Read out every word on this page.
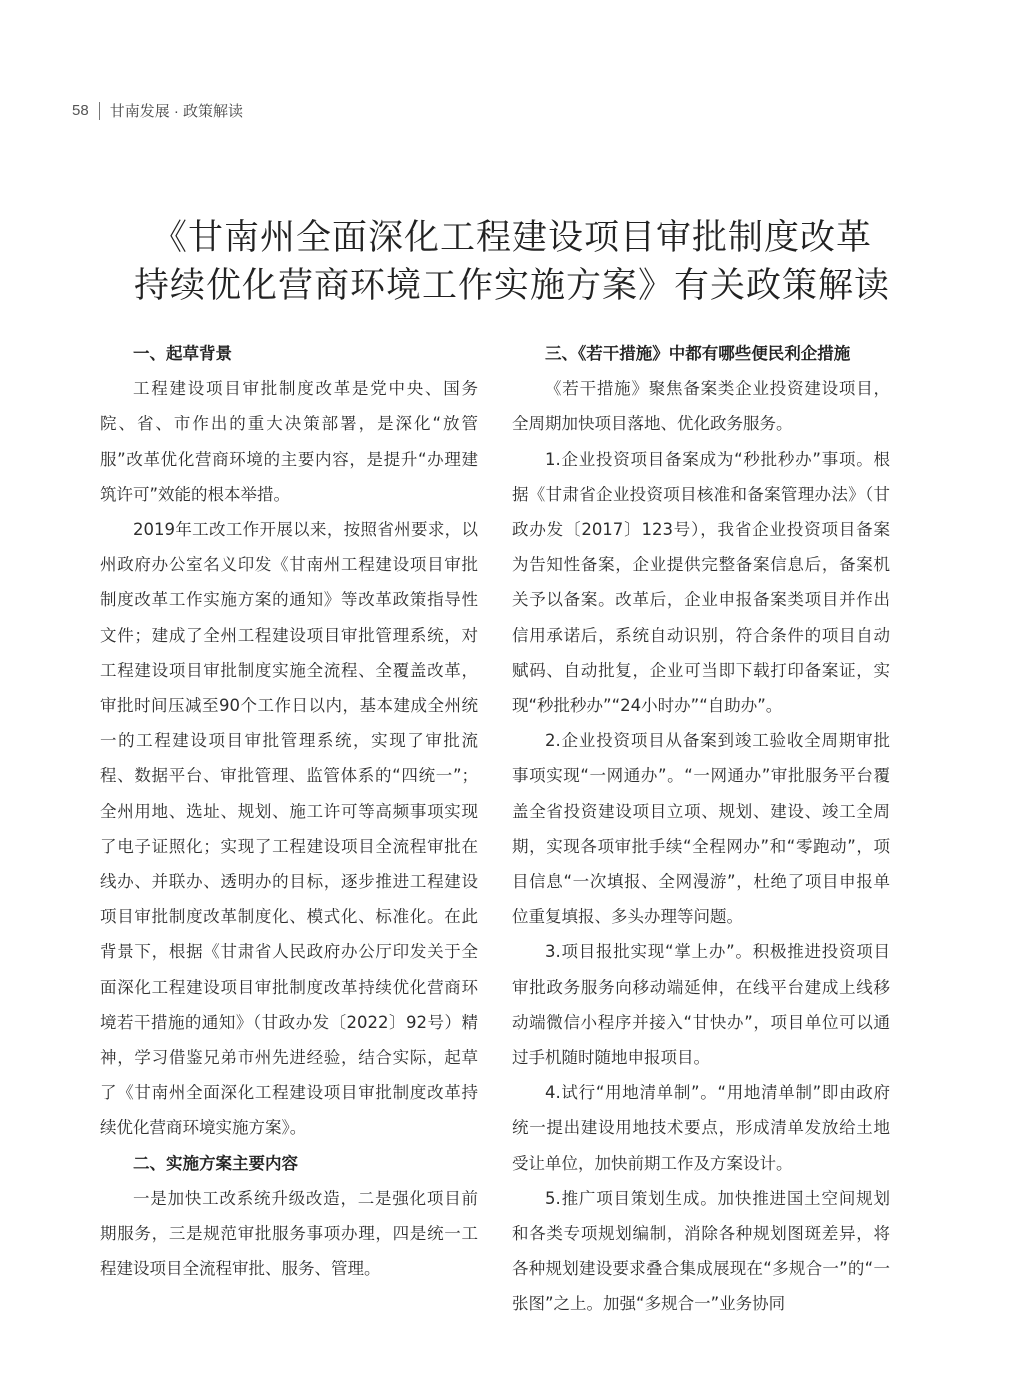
58 甘南发展 · 政策解读
《甘南州全面深化工程建设项目审批制度改革
持续优化营商环境工作实施方案》有关政策解读
一、起草背景

工程建设项目审批制度改革是党中央、国务院、省、市作出的重大决策部署，是深化“放管服”改革优化营商环境的主要内容，是提升“办理建筑许可”效能的根本举措。

2019年工改工作开展以来，按照省州要求，以州政府办公室名义印发《甘南州工程建设项目审批制度改革工作实施方案的通知》等改革政策指导性文件；建成了全州工程建设项目审批管理系统，对工程建设项目审批制度实施全流程、全覆盖改革，审批时间压减至90个工作日以内，基本建成全州统一的工程建设项目审批管理系统，实现了审批流程、数据平台、审批管理、监管体系的“四统一”；全州用地、选址、规划、施工许可等高频事项实现了电子证照化；实现了工程建设项目全流程审批在线办、并联办、透明办的目标，逐步推进工程建设项目审批制度改革制度化、模式化、标准化。在此背景下，根据《甘肃省人民政府办公厅印发关于全面深化工程建设项目审批制度改革持续优化营商环境若干措施的通知》（甘政办发〔2022〕92号）精神，学习借鉴兄弟市州先进经验，结合实际，起草了《甘南州全面深化工程建设项目审批制度改革持续优化营商环境实施方案》。

二、实施方案主要内容

一是加快工改系统升级改造，二是强化项目前期服务，三是规范审批服务事项办理，四是统一工程建设项目全流程审批、服务、管理。

三、《若干措施》中都有哪些便民利企措施

《若干措施》聚焦备案类企业投资建设项目，全周期加快项目落地、优化政务服务。

1.企业投资项目备案成为“秒批秒办”事项。根据《甘肃省企业投资项目核准和备案管理办法》（甘政办发〔2017〕123号），我省企业投资项目备案为告知性备案，企业提供完整备案信息后，备案机关予以备案。改革后，企业申报备案类项目并作出信用承诺后，系统自动识别，符合条件的项目自动赋码、自动批复，企业可当即下载打印备案证，实现“秒批秒办”“24小时办”“自助办”。

2.企业投资项目从备案到竣工验收全周期审批事项实现“一网通办”。“一网通办”审批服务平台覆盖全省投资建设项目立项、规划、建设、竣工全周期，实现各项审批手续“全程网办”和“零跑动”，项目信息“一次填报、全网漫游”，杜绝了项目申报单位重复填报、多头办理等问题。

3.项目报批实现“掌上办”。积极推进投资项目审批政务服务向移动端延伸，在线平台建成上线移动端微信小程序并接入“甘快办”，项目单位可以通过手机随时随地申报项目。

4.试行“用地清单制”。“用地清单制”即由政府统一提出建设用地技术要点，形成清单发放给土地受让单位，加快前期工作及方案设计。

5.推广项目策划生成。加快推进国土空间规划和各类专项规划编制，消除各种规划图斑差异，将各种规划建设要求叠合集成展现在“多规合一”的“一张图”之上。加强“多规合一”业务协同
